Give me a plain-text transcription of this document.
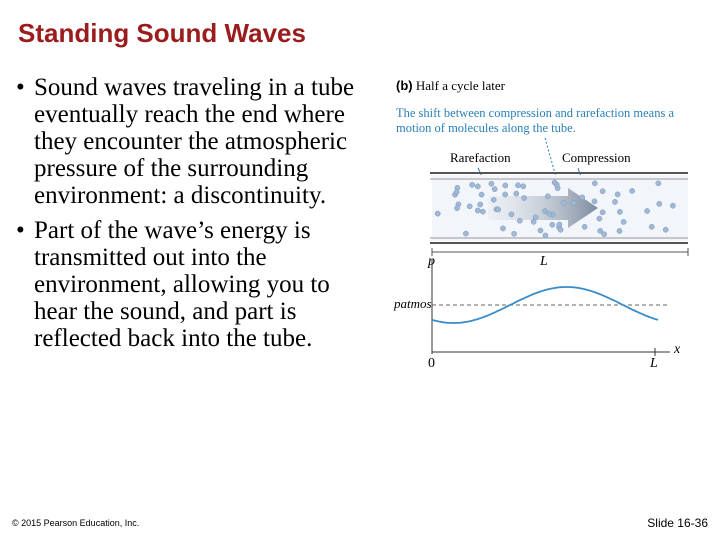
Standing Sound Waves
• Sound waves traveling in a tube eventually reach the end where they encounter the atmospheric pressure of the surrounding environment: a discontinuity.
• Part of the wave’s energy is transmitted out into the environment, allowing you to hear the sound, and part is reflected back into the tube.
(b) Half a cycle later
The shift between compression and rarefaction means a motion of molecules along the tube.
Rarefaction	Compression
L
p
patmos
x
0	L
© 2015 Pearson Education, Inc.	Slide 16-36
